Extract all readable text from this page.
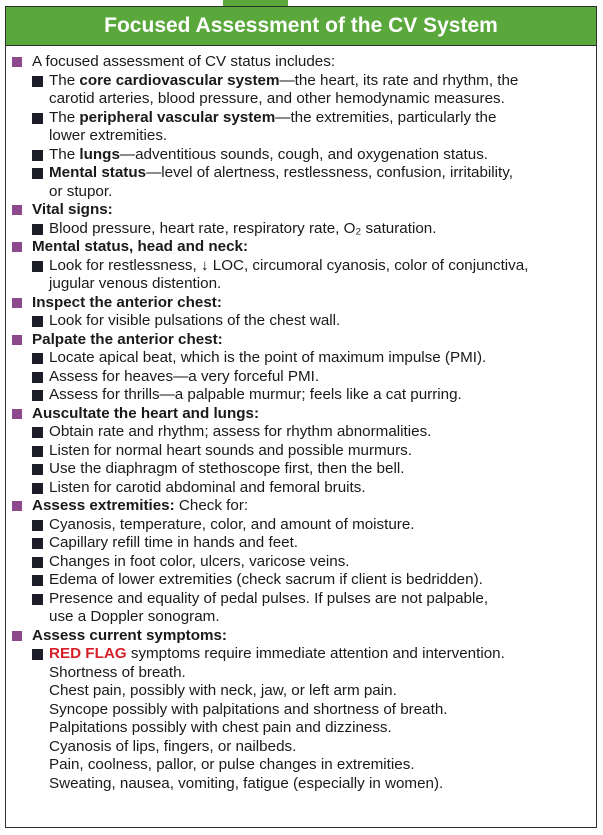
Focused Assessment of the CV System
A focused assessment of CV status includes:
The core cardiovascular system—the heart, its rate and rhythm, the
carotid arteries, blood pressure, and other hemodynamic measures.
The peripheral vascular system—the extremities, particularly the
lower extremities.
The lungs—adventitious sounds, cough, and oxygenation status.
Mental status—level of alertness, restlessness, confusion, irritability,
or stupor.
Vital signs:
Blood pressure, heart rate, respiratory rate, O₂ saturation.
Mental status, head and neck:
Look for restlessness, ↓ LOC, circumoral cyanosis, color of conjunctiva,
jugular venous distention.
Inspect the anterior chest:
Look for visible pulsations of the chest wall.
Palpate the anterior chest:
Locate apical beat, which is the point of maximum impulse (PMI).
Assess for heaves—a very forceful PMI.
Assess for thrills—a palpable murmur; feels like a cat purring.
Auscultate the heart and lungs:
Obtain rate and rhythm; assess for rhythm abnormalities.
Listen for normal heart sounds and possible murmurs.
Use the diaphragm of stethoscope first, then the bell.
Listen for carotid abdominal and femoral bruits.
Assess extremities: Check for:
Cyanosis, temperature, color, and amount of moisture.
Capillary refill time in hands and feet.
Changes in foot color, ulcers, varicose veins.
Edema of lower extremities (check sacrum if client is bedridden).
Presence and equality of pedal pulses. If pulses are not palpable,
use a Doppler sonogram.
Assess current symptoms:
RED FLAG symptoms require immediate attention and intervention.
Shortness of breath.
Chest pain, possibly with neck, jaw, or left arm pain.
Syncope possibly with palpitations and shortness of breath.
Palpitations possibly with chest pain and dizziness.
Cyanosis of lips, fingers, or nailbeds.
Pain, coolness, pallor, or pulse changes in extremities.
Sweating, nausea, vomiting, fatigue (especially in women).
